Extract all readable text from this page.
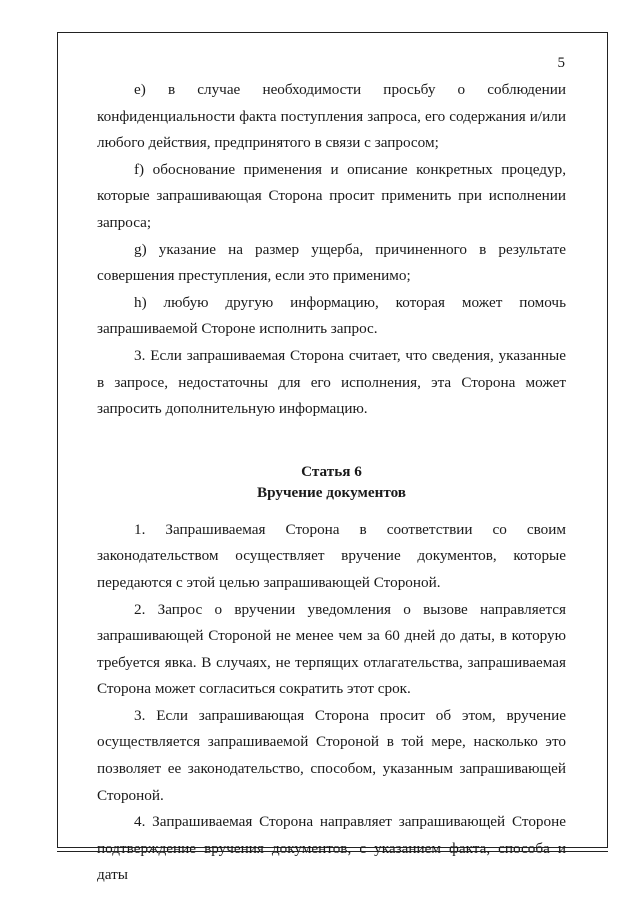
5

e) в случае необходимости просьбу о соблюдении конфиденциальности факта поступления запроса, его содержания и/или любого действия, предпринятого в связи с запросом;

f) обоснование применения и описание конкретных процедур, которые запрашивающая Сторона просит применить при исполнении запроса;

g) указание на размер ущерба, причиненного в результате совершения преступления, если это применимо;

h) любую другую информацию, которая может помочь запрашиваемой Стороне исполнить запрос.

3. Если запрашиваемая Сторона считает, что сведения, указанные в запросе, недостаточны для его исполнения, эта Сторона может запросить дополнительную информацию.

Статья 6
Вручение документов

1. Запрашиваемая Сторона в соответствии со своим законодательством осуществляет вручение документов, которые передаются с этой целью запрашивающей Стороной.

2. Запрос о вручении уведомления о вызове направляется запрашивающей Стороной не менее чем за 60 дней до даты, в которую требуется явка. В случаях, не терпящих отлагательства, запрашиваемая Сторона может согласиться сократить этот срок.

3. Если запрашивающая Сторона просит об этом, вручение осуществляется запрашиваемой Стороной в той мере, насколько это позволяет ее законодательство, способом, указанным запрашивающей Стороной.

4. Запрашиваемая Сторона направляет запрашивающей Стороне подтверждение вручения документов, с указанием факта, способа и даты
